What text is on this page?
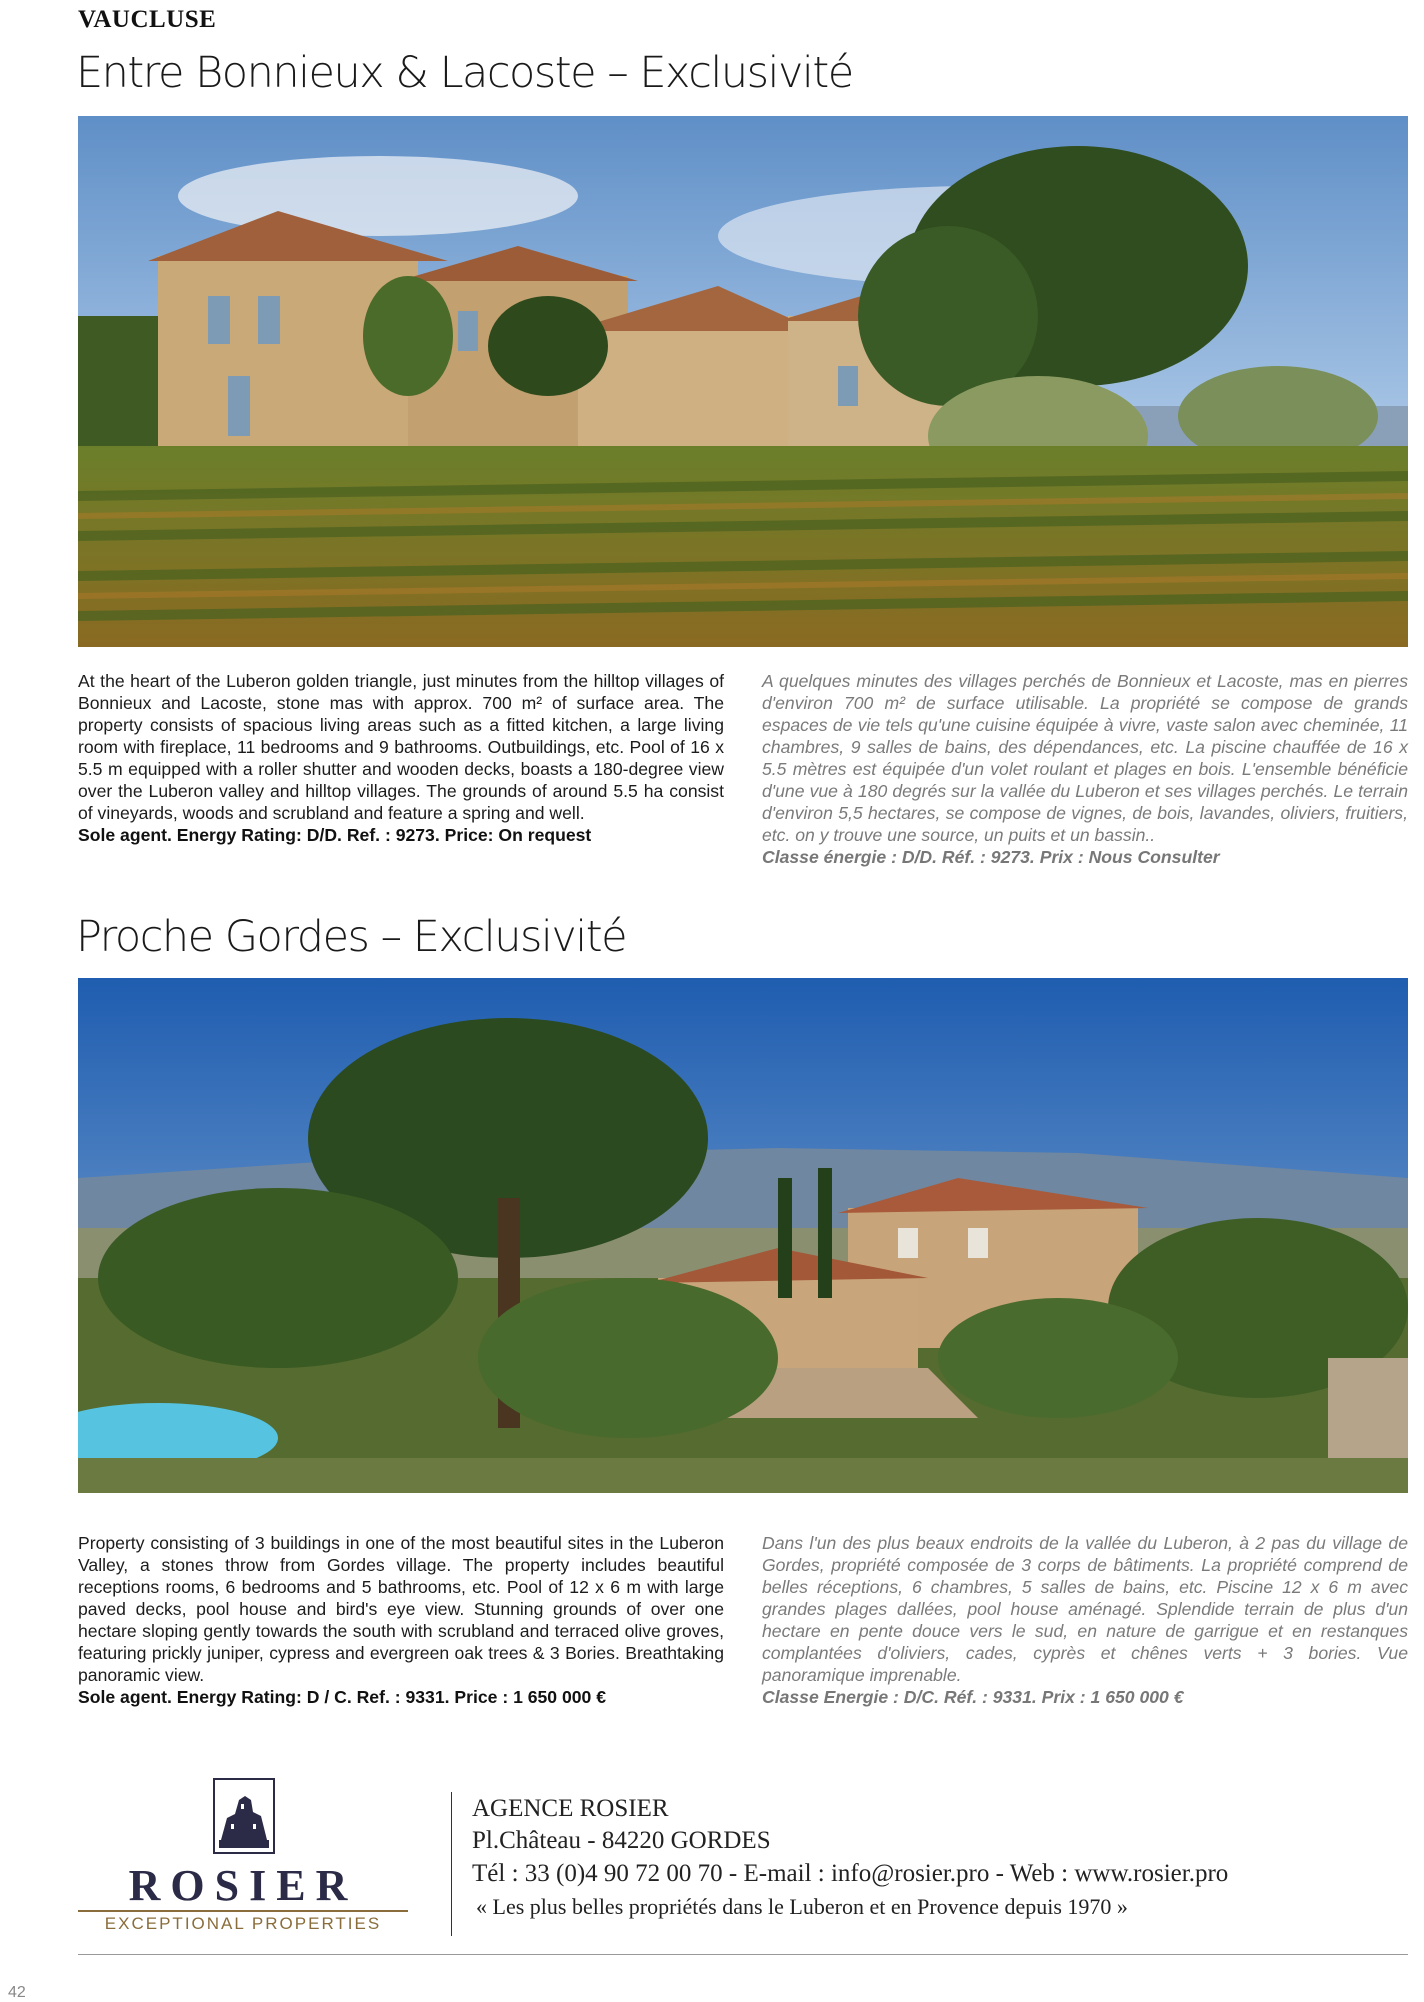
VAUCLUSE
Entre Bonnieux & Lacoste – Exclusivité
At the heart of the Luberon golden triangle, just minutes from the hilltop villages of Bonnieux and Lacoste, stone mas with approx. 700 m² of surface area. The property consists of spacious living areas such as a fitted kitchen, a large living room with fireplace, 11 bedrooms and 9 bathrooms. Outbuildings, etc. Pool of 16 x 5.5 m equipped with a roller shutter and wooden decks, boasts a 180-degree view over the Luberon valley and hilltop villages. The grounds of around 5.5 ha consist of vineyards, woods and scrubland and feature a spring and well.
Sole agent. Energy Rating: D/D. Ref. : 9273. Price: On request
A quelques minutes des villages perchés de Bonnieux et Lacoste, mas en pierres d'environ 700 m² de surface utilisable. La propriété se compose de grands espaces de vie tels qu'une cuisine équipée à vivre, vaste salon avec cheminée, 11 chambres, 9 salles de bains, des dépendances, etc. La piscine chauffée de 16 x 5.5 mètres est équipée d'un volet roulant et plages en bois. L'ensemble bénéficie d'une vue à 180 degrés sur la vallée du Luberon et ses villages perchés. Le terrain d'environ 5,5 hectares, se compose de vignes, de bois, lavandes, oliviers, fruitiers, etc. on y trouve une source, un puits et un bassin..
Classe énergie : D/D. Réf. : 9273. Prix : Nous Consulter
Proche Gordes – Exclusivité
Property consisting of 3 buildings in one of the most beautiful sites in the Luberon Valley, a stones throw from Gordes village. The property includes beautiful receptions rooms, 6 bedrooms and 5 bathrooms, etc. Pool of 12 x 6 m with large paved decks, pool house and bird's eye view. Stunning grounds of over one hectare sloping gently towards the south with scrubland and terraced olive groves, featuring prickly juniper, cypress and evergreen oak trees & 3 Bories. Breathtaking panoramic view.
Sole agent. Energy Rating: D / C. Ref. : 9331. Price : 1 650 000 €
Dans l'un des plus beaux endroits de la vallée du Luberon, à 2 pas du village de Gordes, propriété composée de 3 corps de bâtiments. La propriété comprend de belles réceptions, 6 chambres, 5 salles de bains, etc. Piscine 12 x 6 m avec grandes plages dallées, pool house aménagé. Splendide terrain de plus d'un hectare en pente douce vers le sud, en nature de garrigue et en restanques complantées d'oliviers, cades, cyprès et chênes verts + 3 bories. Vue panoramique imprenable.
Classe Energie : D/C. Réf. : 9331. Prix : 1 650 000 €
ROSIER
EXCEPTIONAL PROPERTIES
AGENCE ROSIER
Pl.Château - 84220 GORDES
Tél : 33 (0)4 90 72 00 70 - E-mail : info@rosier.pro - Web : www.rosier.pro
« Les plus belles propriétés dans le Luberon et en Provence depuis 1970 »
42
